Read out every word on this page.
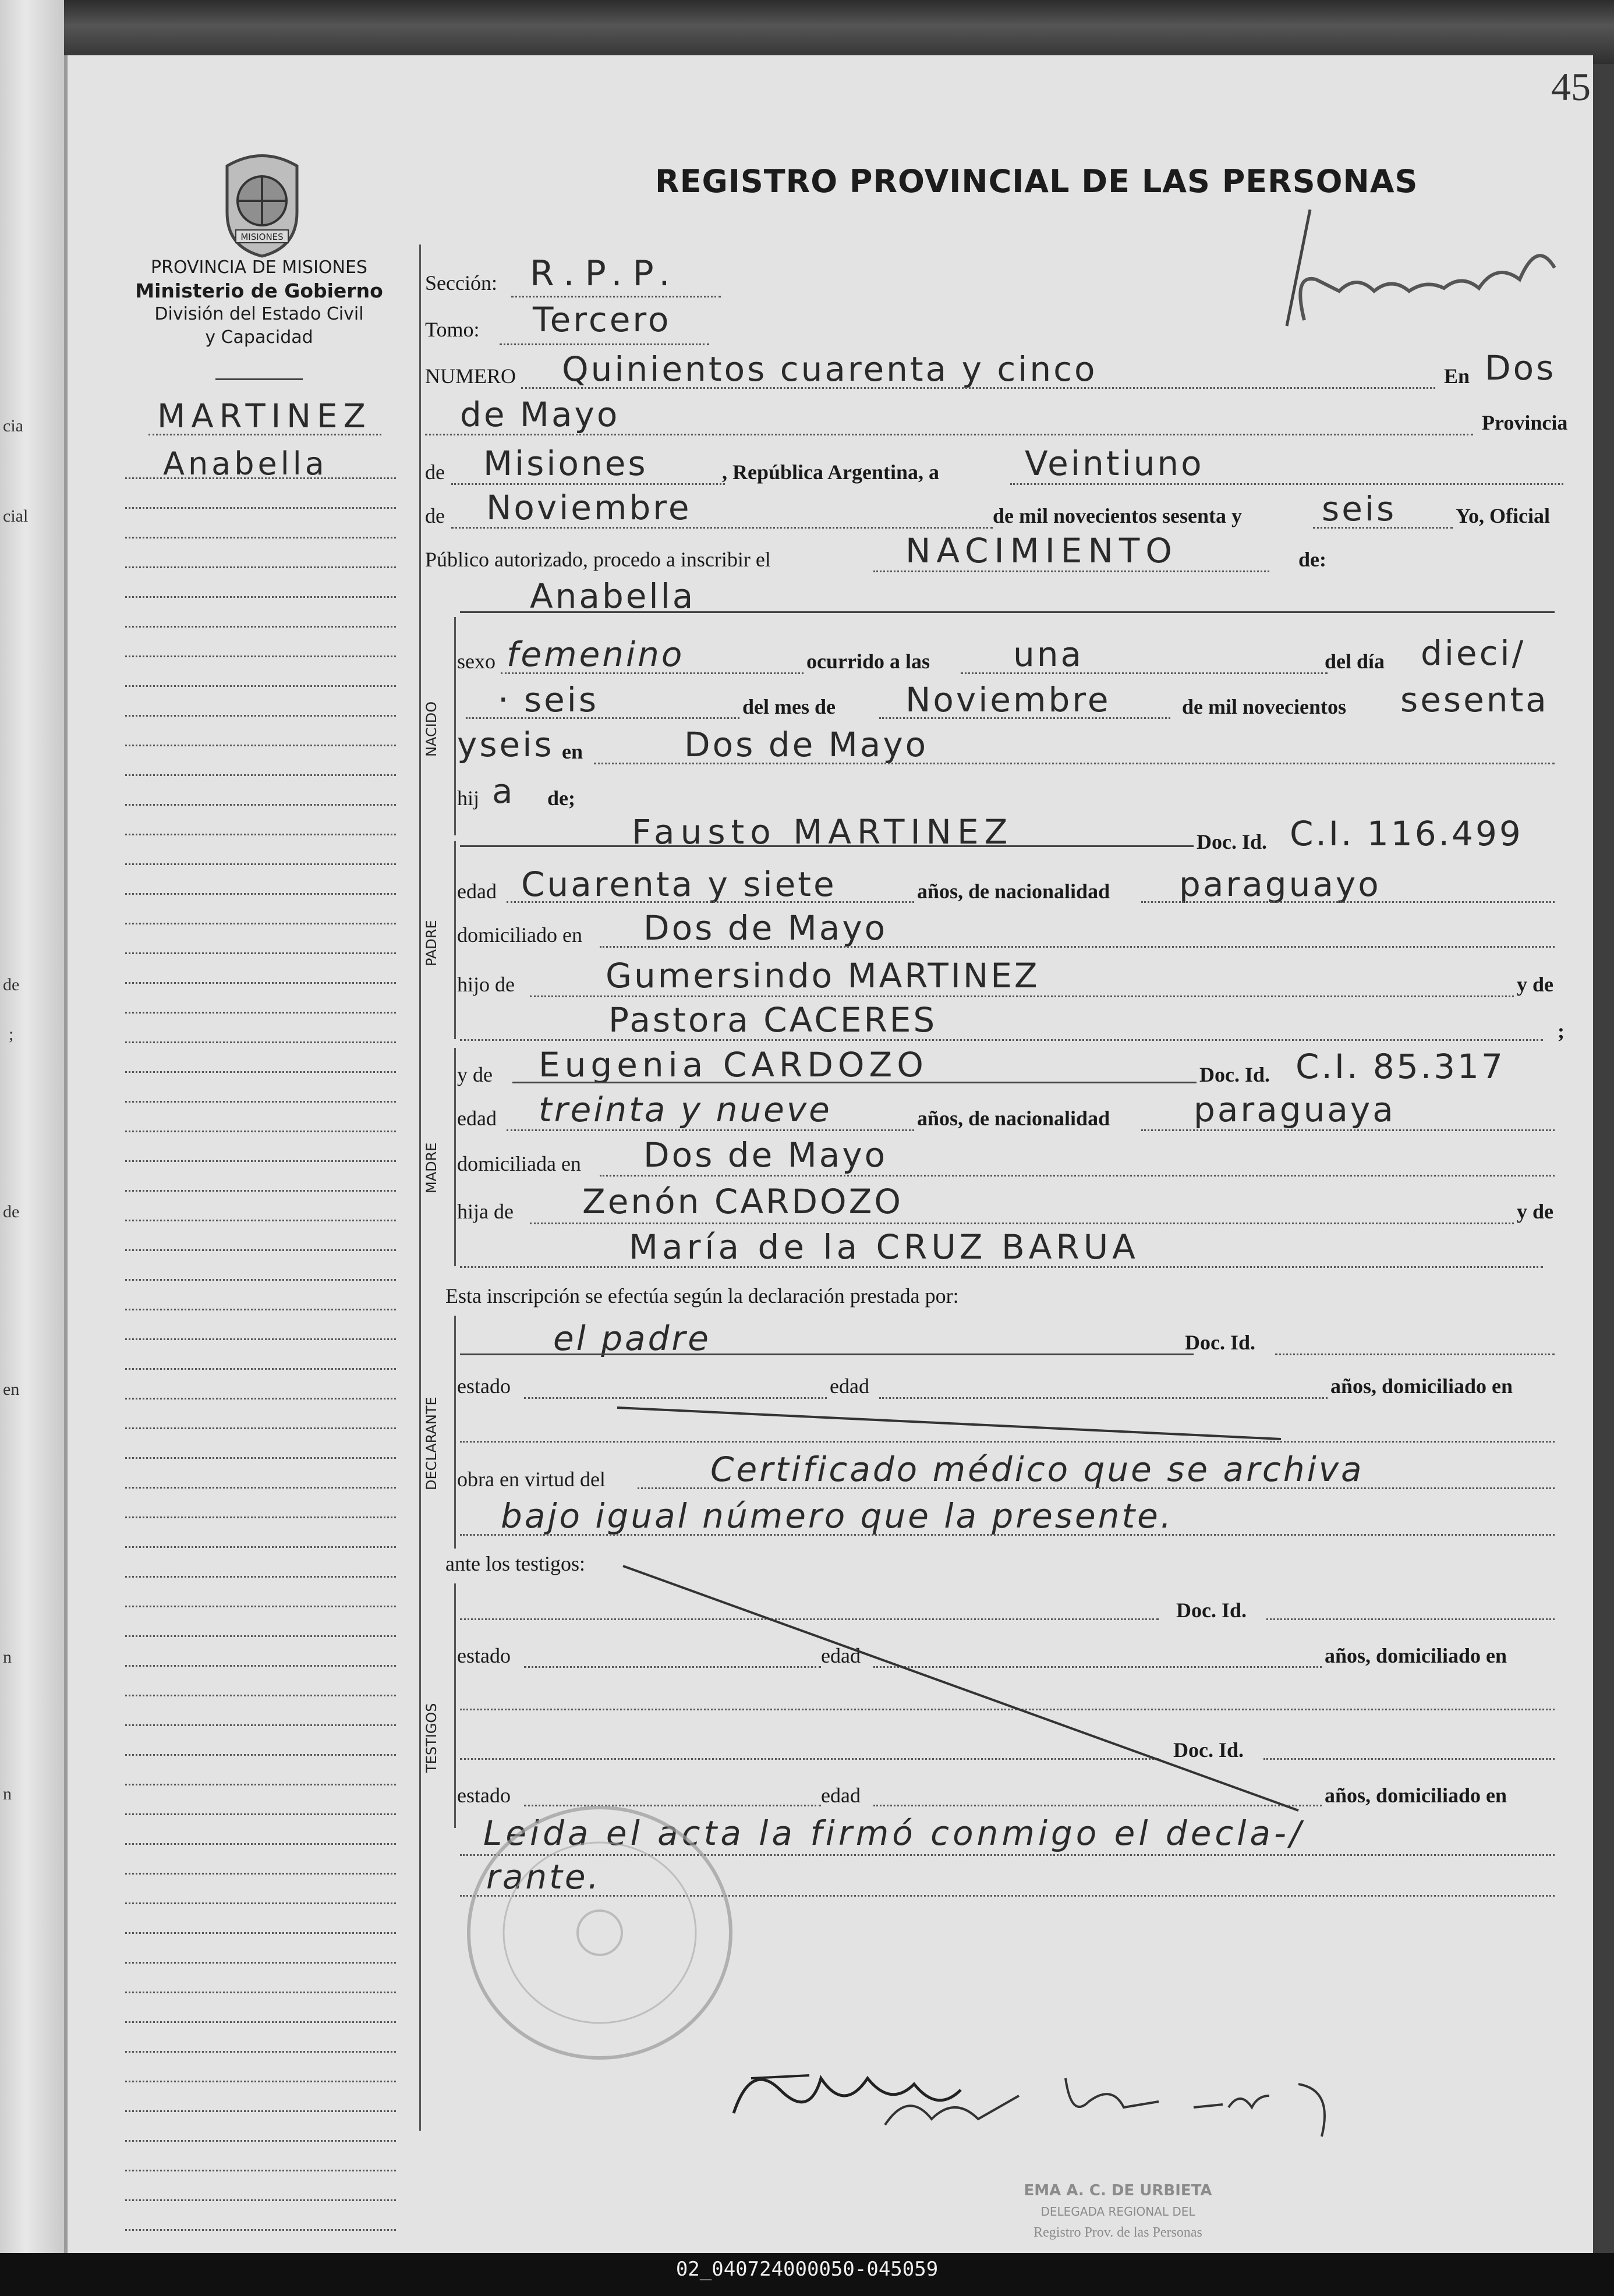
cia
cial
de
;
de
en
n
n
45
MISIONES
PROVINCIA DE MISIONES
Ministerio de Gobierno
División del Estado Civil
y Capacidad
REGISTRO PROVINCIAL DE LAS PERSONAS
MARTINEZ
Anabella
Sección: R.P.P.
Tomo: Tercero
NUMERO Quinientos cuarenta y cinco	En Dos
de Mayo	Provincia
de Misiones	, República Argentina, a	Veintiuno
de Noviembre	de mil novecientos sesenta y seis	Yo, Oficial
Público autorizado, procedo a inscribir el	NACIMIENTO	de:
Anabella
NACIDO
sexo femenino	ocurrido a las una	del día dieci/
· seis	del mes de Noviembre	de mil novecientos sesenta
yseis en	Dos de Mayo
hij a de;
PADRE
Fausto MARTINEZ	Doc. Id. C.I. 116.499
edad Cuarenta y siete	años, de nacionalidad paraguayo
domiciliado en Dos de Mayo
hijo de	Gumersindo MARTINEZ	y de
Pastora CACERES	;
MADRE
y de Eugenia CARDOZO	Doc. Id. C.I. 85.317
edad treinta y nueve	años, de nacionalidad paraguaya
domiciliada en Dos de Mayo
hija de Zenón CARDOZO	y de
María de la CRUZ BARUA
Esta inscripción se efectúa según la declaración prestada por:
DECLARANTE
el padre	Doc. Id.
estado	edad	años, domiciliado en
obra en virtud del	Certificado médico que se archiva
bajo igual número que la presente.
ante los testigos:
TESTIGOS
Doc. Id.
estado	edad	años, domiciliado en
Doc. Id.
estado	edad	años, domiciliado en
Leida el acta la firmó conmigo el decla-/
rante.
EMA A. C. DE URBIETA
DELEGADA REGIONAL DEL
Registro Prov. de las Personas
02_040724000050-045059
